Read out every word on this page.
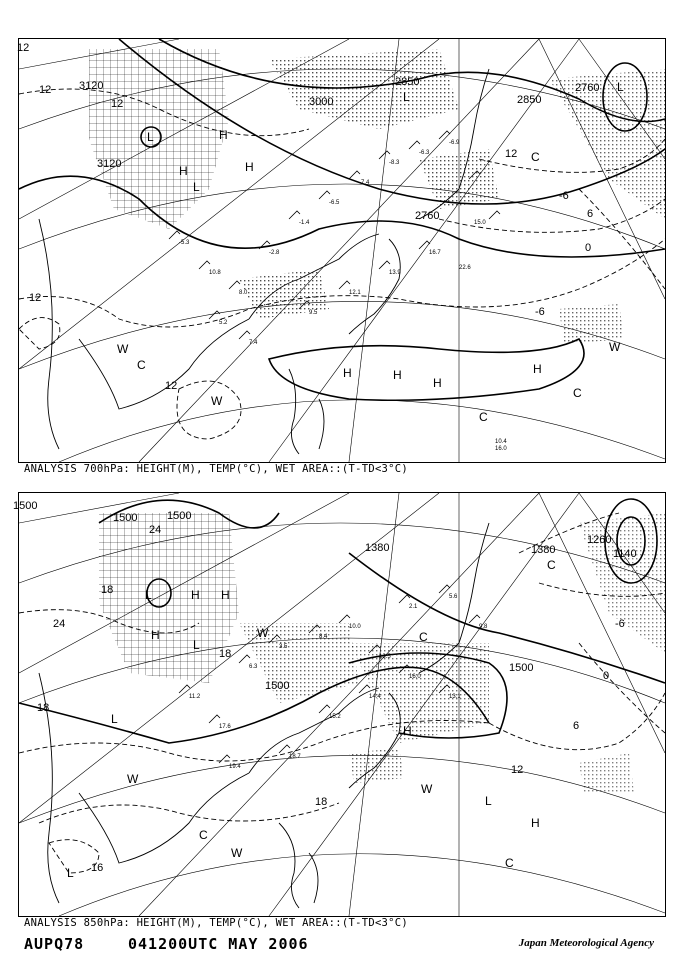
-5.3
10.8
8.0
-2.8
-1.4
-6.5
-7.4
-8.3
-6.3
-6.9
15.0
22.6
5.2
7.4
9.5
12.1
13.9
16.7
3120
3120
3000
2850
2850
2760
2760
12
12
12
12
12
12
6
0
-6
-6
L
L
L
L
H
H
H
H	H
H
H
C
C
C
C
W
W
W
10.4 16.0
ANALYSIS 700hPa: HEIGHT(M), TEMP(°C), WET AREA::(T-TD<3°C)
11.2
17.6
6.3
3.5
8.4
10.0
13.5
2.1
5.6
9.8
15.2
14.4
16.0
13.1
19.4
18.7
1500
1500	1500
1500
1500
1380	1380
1260
1140
24
24
18
18
18
18
16
12
6
0
-6
L
L
L
L
L
H
H H
H
H
C
C
C
C
W
W
W
W
ANALYSIS 850hPa: HEIGHT(M), TEMP(°C), WET AREA::(T-TD<3°C)
AUPQ78	041200UTC MAY 2006	Japan Meteorological Agency
